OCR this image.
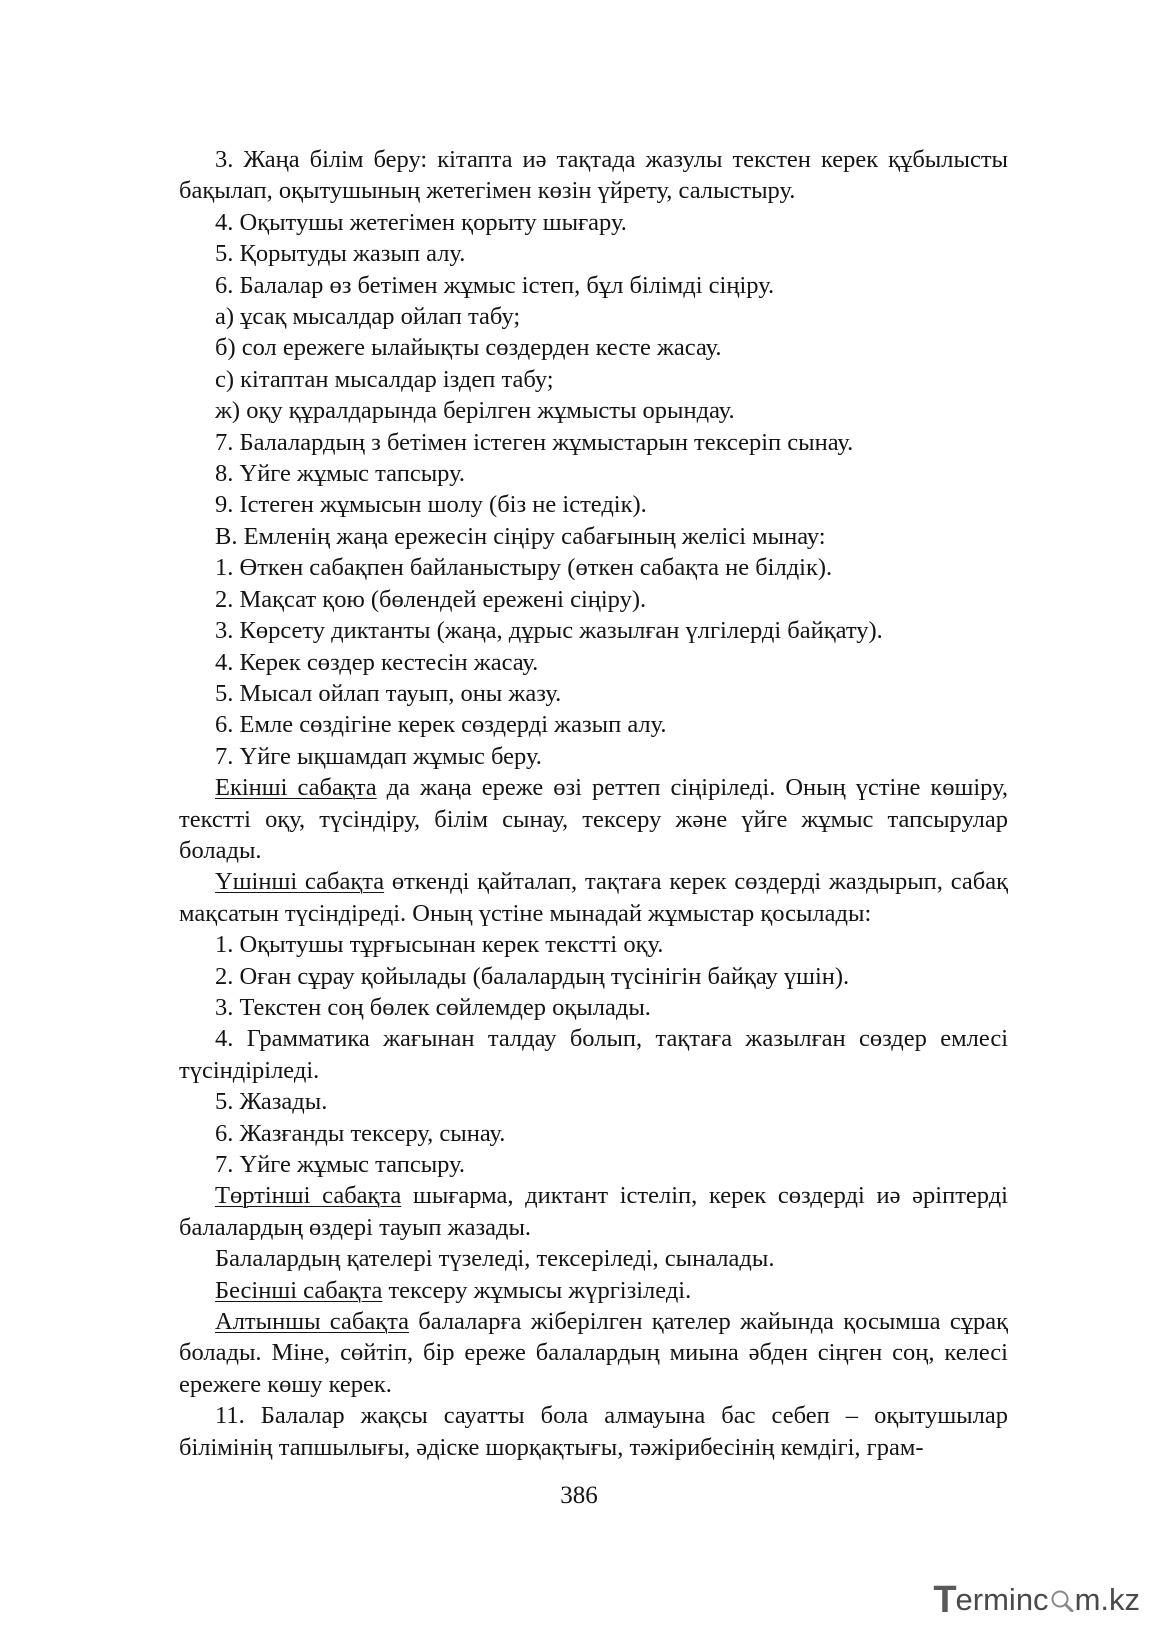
3. Жаңа білім беру: кітапта иә тақтада жазулы текстен керек құбылысты бақылап, оқытушының жетегімен көзін үйрету, салыстыру.

4. Оқытушы жетегімен қорыту шығару.

5. Қорытуды жазып алу.

6. Балалар өз бетімен жұмыс істеп, бұл білімді сіңіру.

а) ұсақ мысалдар ойлап табу;

б) сол ережеге ылайықты сөздерден кесте жасау.

с) кітаптан мысалдар іздеп табу;

ж) оқу құралдарында берілген жұмысты орындау.

7. Балалардың з бетімен істеген жұмыстарын тексеріп сынау.

8. Үйге жұмыс тапсыру.

9. Істеген жұмысын шолу (біз не істедік).

В. Емленің жаңа ережесін сіңіру сабағының желісі мынау:

1. Өткен сабақпен байланыстыру (өткен сабақта не білдік).

2. Мақсат қою (бөлендей ережені сіңіру).

3. Көрсету диктанты (жаңа, дұрыс жазылған үлгілерді байқату).

4. Керек сөздер кестесін жасау.

5. Мысал ойлап тауып, оны жазу.

6. Емле сөздігіне керек сөздерді жазып алу.

7. Үйге ықшамдап жұмыс беру.

Екінші сабақта да жаңа ереже өзі реттеп сіңіріледі. Оның үстіне көшіру, текстті оқу, түсіндіру, білім сынау, тексеру және үйге жұмыс тапсырулар болады.

Үшінші сабақта өткенді қайталап, тақтаға керек сөздерді жаздырып, сабақ мақсатын түсіндіреді. Оның үстіне мынадай жұмыстар қосылады:

1. Оқытушы тұрғысынан керек текстті оқу.

2. Оған сұрау қойылады (балалардың түсінігін байқау үшін).

3. Текстен соң бөлек сөйлемдер оқылады.

4. Грамматика жағынан талдау болып, тақтаға жазылған сөздер емлесі түсіндіріледі.

5. Жазады.

6. Жазғанды тексеру, сынау.

7. Үйге жұмыс тапсыру.

Төртінші сабақта шығарма, диктант істеліп, керек сөздерді иә әріптерді балалардың өздері тауып жазады.

Балалардың қателері түзеледі, тексеріледі, сыналады.

Бесінші сабақта тексеру жұмысы жүргізіледі.

Алтыншы сабақта балаларға жіберілген қателер жайында қосымша сұрақ болады. Міне, сөйтіп, бір ереже балалардың миына әбден сіңген соң, келесі ережеге көшу керек.

11. Балалар жақсы сауатты бола алмауына бас себеп – оқытушылар білімінің тапшылығы, әдіске шорқақтығы, тәжірибесінің кемдігі, грам-

386
T erminc m.kz
